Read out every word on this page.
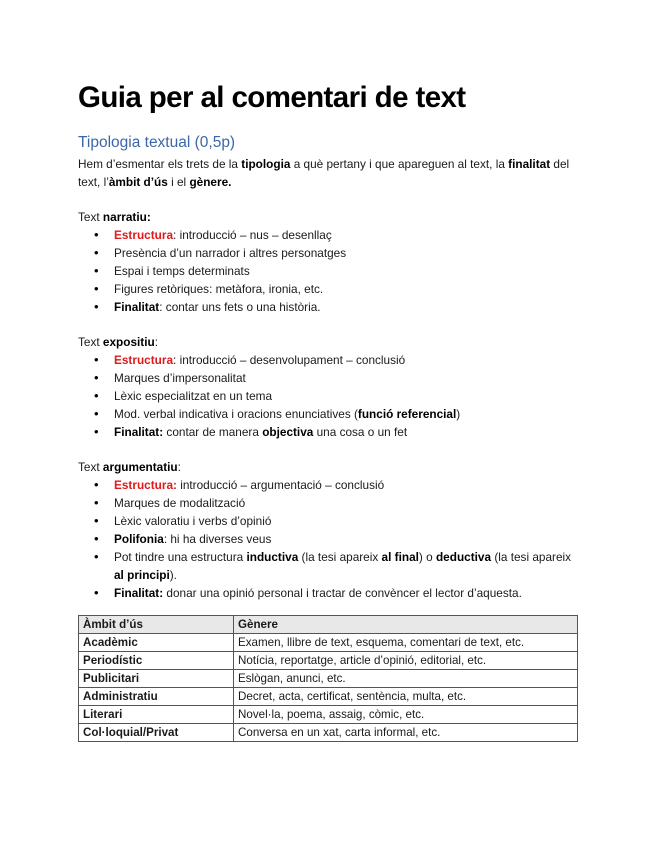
Guia per al comentari de text
Tipologia textual (0,5p)

Hem d’esmentar els trets de la tipologia a què pertany i que apareguen al text, la finalitat del text, l’àmbit d’ús i el gènere.

Text narratiu:

• Estructura: introducció – nus – desenllaç
• Presència d’un narrador i altres personatges
• Espai i temps determinats
• Figures retòriques: metàfora, ironia, etc.
• Finalitat: contar uns fets o una història.

Text expositiu:

• Estructura: introducció – desenvolupament – conclusió
• Marques d’impersonalitat
• Lèxic especialitzat en un tema
• Mod. verbal indicativa i oracions enunciatives (funció referencial)
• Finalitat: contar de manera objectiva una cosa o un fet

Text argumentatiu:

• Estructura: introducció – argumentació – conclusió
• Marques de modalització
• Lèxic valoratiu i verbs d’opinió
• Polifonia: hi ha diverses veus
• Pot tindre una estructura inductiva (la tesi apareix al final) o deductiva (la tesi apareix al principi).
• Finalitat: donar una opinió personal i tractar de convèncer el lector d’aquesta.
Àmbit d’ús	Gènere
Acadèmic	Examen, llibre de text, esquema, comentari de text, etc.
Periodístic	Notícia, reportatge, article d’opinió, editorial, etc.
Publicitari	Eslògan, anunci, etc.
Administratiu	Decret, acta, certificat, sentència, multa, etc.
Literari	Novel·la, poema, assaig, còmic, etc.
Col·loquial/Privat	Conversa en un xat, carta informal, etc.
